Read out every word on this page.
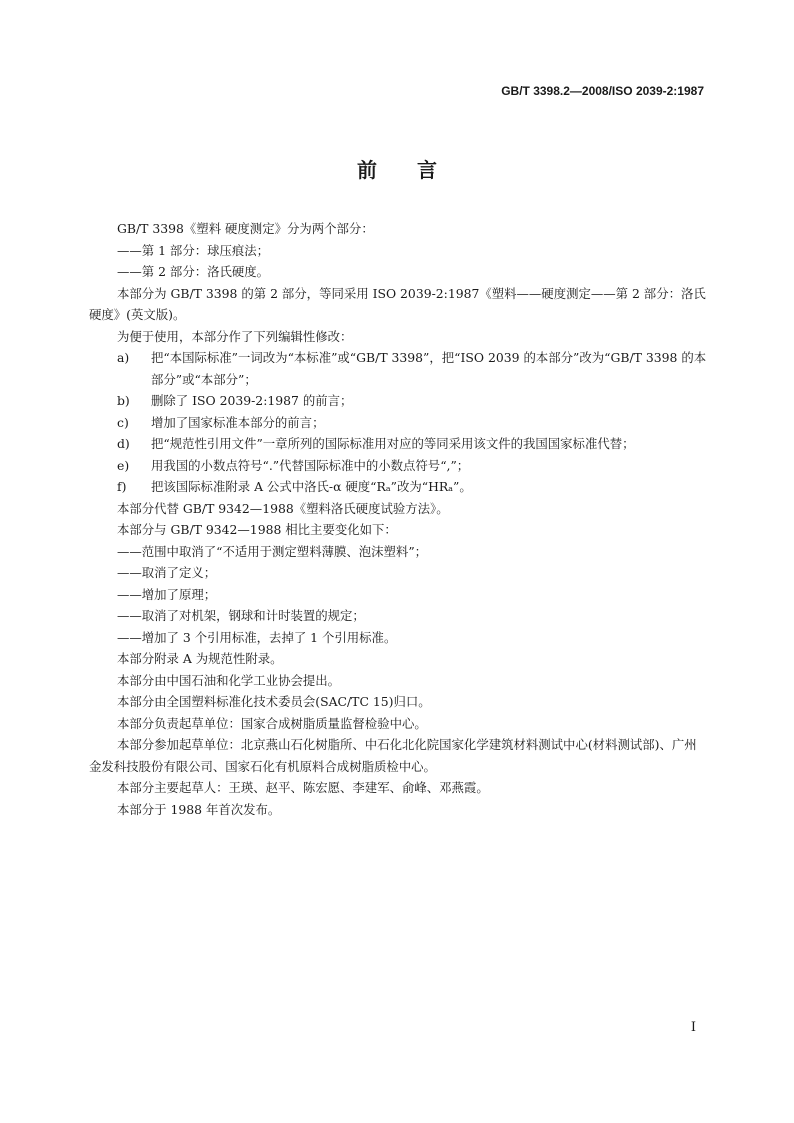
GB/T 3398.2—2008/ISO 2039-2:1987
前言

GB/T 3398《塑料 硬度测定》分为两个部分：

——第 1 部分：球压痕法；

——第 2 部分：洛氏硬度。

本部分为 GB/T 3398 的第 2 部分，等同采用 ISO 2039-2:1987《塑料——硬度测定——第 2 部分：洛氏硬度》(英文版)。

为便于使用，本部分作了下列编辑性修改：

a)	把“本国际标准”一词改为“本标准”或“GB/T 3398”，把“ISO 2039 的本部分”改为“GB/T 3398 的本部分”或“本部分”；
b)	删除了 ISO 2039-2:1987 的前言；
c)	增加了国家标准本部分的前言；
d)	把“规范性引用文件”一章所列的国际标准用对应的等同采用该文件的我国国家标准代替；
e)	用我国的小数点符号“.”代替国际标准中的小数点符号“,”；
f)	把该国际标准附录 A 公式中洛氏-α 硬度“Rₐ”改为“HRₐ”。

本部分代替 GB/T 9342—1988《塑料洛氏硬度试验方法》。

本部分与 GB/T 9342—1988 相比主要变化如下：

——范围中取消了“不适用于测定塑料薄膜、泡沫塑料”；

——取消了定义；

——增加了原理；

——取消了对机架，钢球和计时装置的规定；

——增加了 3 个引用标准，去掉了 1 个引用标准。

本部分附录 A 为规范性附录。

本部分由中国石油和化学工业协会提出。

本部分由全国塑料标准化技术委员会(SAC/TC 15)归口。

本部分负责起草单位：国家合成树脂质量监督检验中心。

本部分参加起草单位：北京燕山石化树脂所、中石化北化院国家化学建筑材料测试中心(材料测试部)、广州金发科技股份有限公司、国家石化有机原料合成树脂质检中心。

本部分主要起草人：王瑛、赵平、陈宏愿、李建军、俞峰、邓燕霞。

本部分于 1988 年首次发布。

I
